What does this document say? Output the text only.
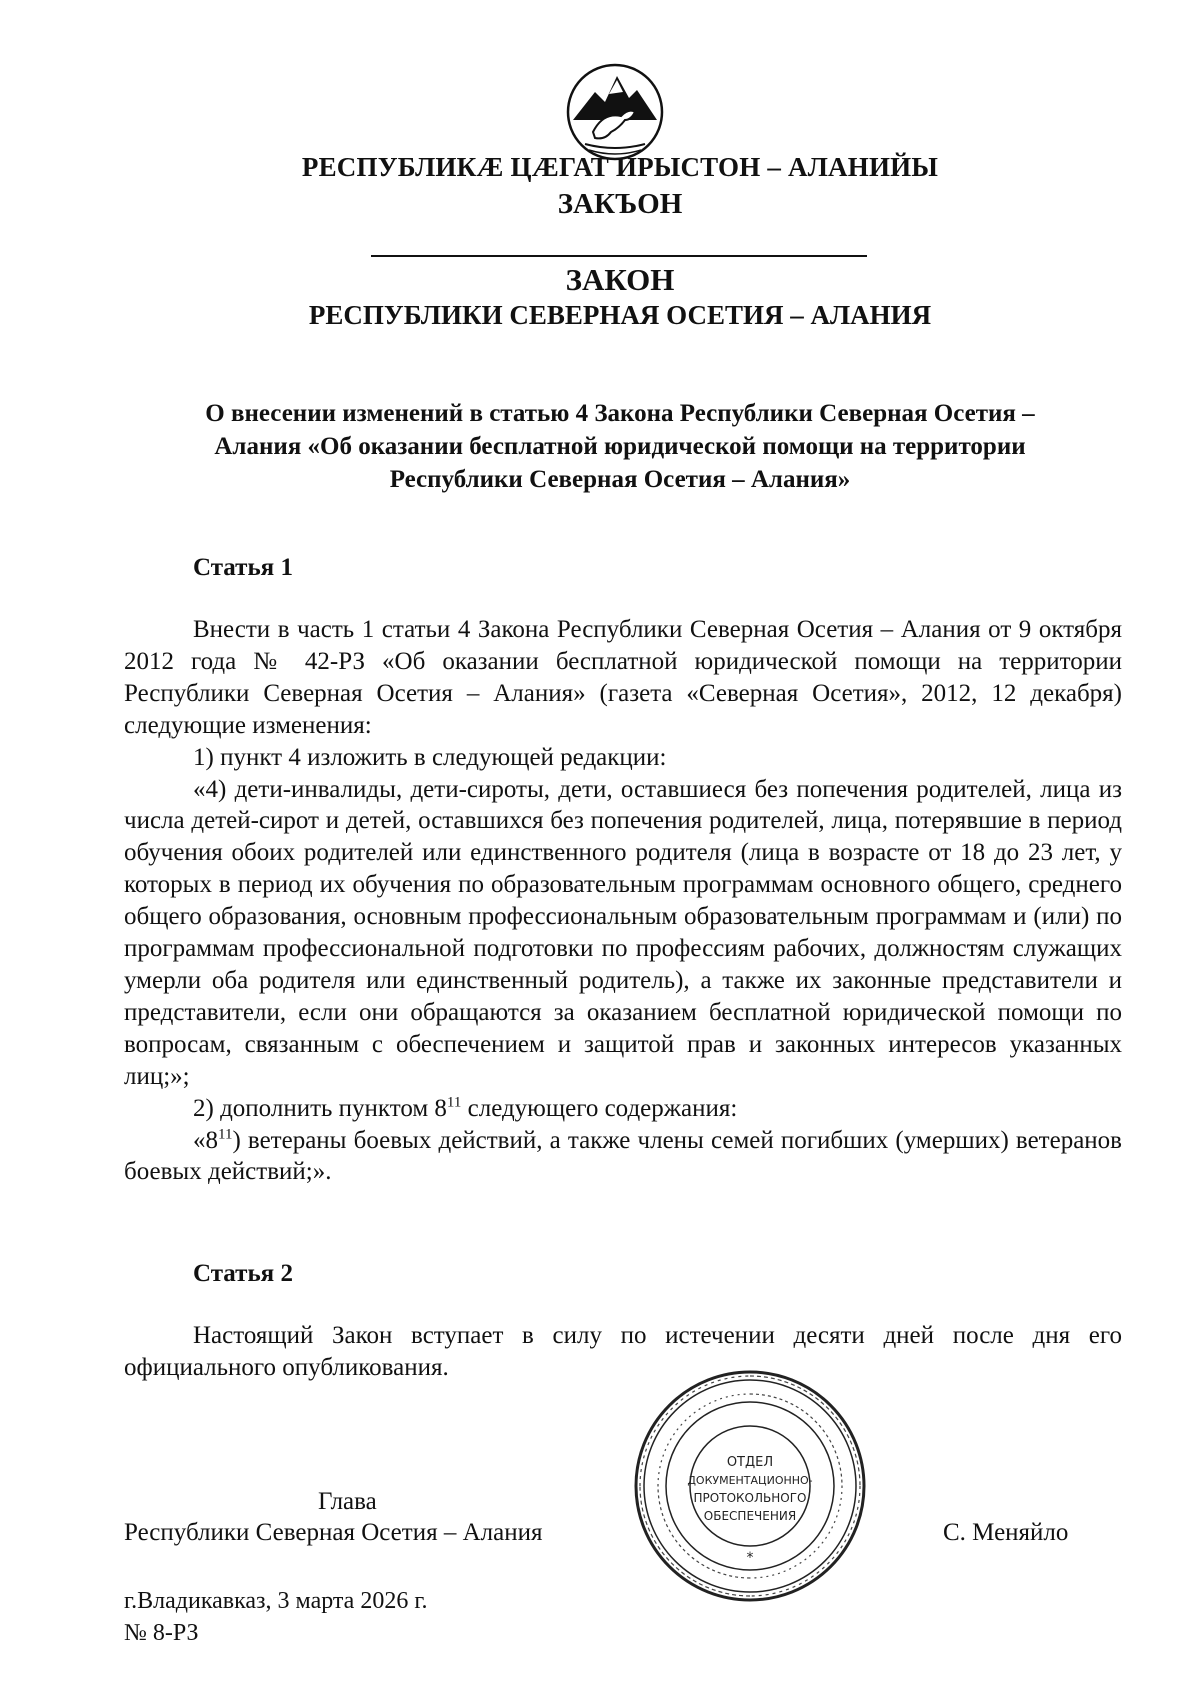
РЕСПУБЛИКÆ ЦÆГАТ ИРЫСТОН – АЛАНИЙЫ
ЗАКЪОН
ЗАКОН
РЕСПУБЛИКИ СЕВЕРНАЯ ОСЕТИЯ – АЛАНИЯ
О внесении изменений в статью 4 Закона Республики Северная Осетия – Алания «Об оказании бесплатной юридической помощи на территории Республики Северная Осетия – Алания»
Статья 1

Внести в часть 1 статьи 4 Закона Республики Северная Осетия – Алания от 9 октября 2012 года № 42-РЗ «Об оказании бесплатной юридической помощи на территории Республики Северная Осетия – Алания» (газета «Северная Осетия», 2012, 12 декабря) следующие изменения:

1) пункт 4 изложить в следующей редакции:

«4) дети-инвалиды, дети-сироты, дети, оставшиеся без попечения родителей, лица из числа детей-сирот и детей, оставшихся без попечения родителей, лица, потерявшие в период обучения обоих родителей или единственного родителя (лица в возрасте от 18 до 23 лет, у которых в период их обучения по образовательным программам основного общего, среднего общего образования, основным профессиональным образовательным программам и (или) по программам профессиональной подготовки по профессиям рабочих, должностям служащих умерли оба родителя или единственный родитель), а также их законные представители и представители, если они обращаются за оказанием бесплатной юридической помощи по вопросам, связанным с обеспечением и защитой прав и законных интересов указанных лиц;»;

2) дополнить пунктом $8^{11}$ следующего содержания:

«$8^{11}$) ветераны боевых действий, а также члены семей погибших (умерших) ветеранов боевых действий;».

Статья 2

Настоящий Закон вступает в силу по истечении десяти дней после дня его официального опубликования.

Глава
Республики Северная Осетия – Алания	С. Меняйло
ОТДЕЛ
ДОКУМЕНТАЦИОННО-
ПРОТОКОЛЬНОГО
ОБЕСПЕЧЕНИЯ
*
г.Владикавказ, 3 марта 2026 г.
№ 8-РЗ
